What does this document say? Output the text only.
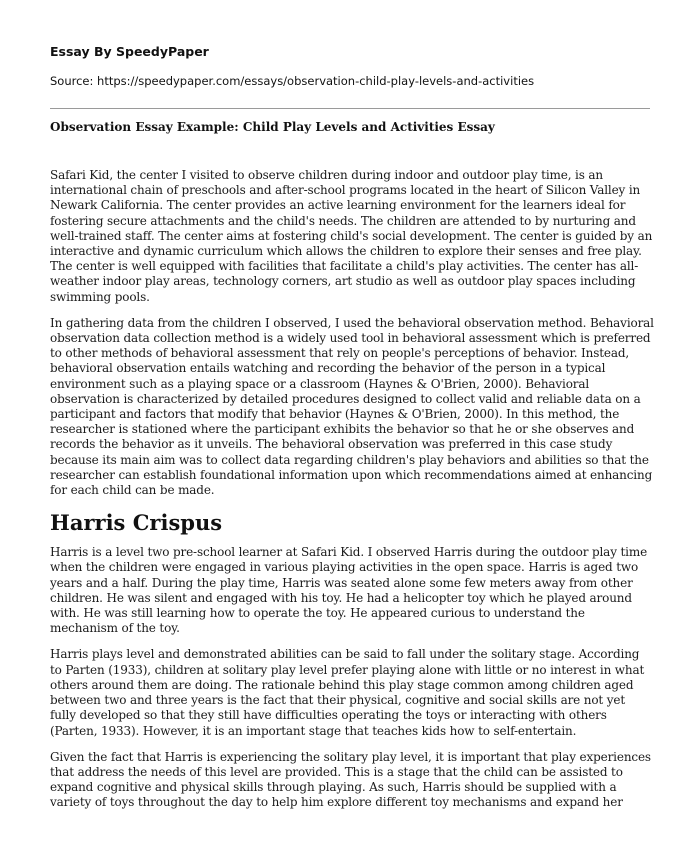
Essay By SpeedyPaper
Source: https://speedypaper.com/essays/observation-child-play-levels-and-activities
Observation Essay Example: Child Play Levels and Activities Essay

Safari Kid, the center I visited to observe children during indoor and outdoor play time, is an international chain of preschools and after-school programs located in the heart of Silicon Valley in Newark California. The center provides an active learning environment for the learners ideal for fostering secure attachments and the child's needs. The children are attended to by nurturing and well-trained staff. The center aims at fostering child's social development. The center is guided by an interactive and dynamic curriculum which allows the children to explore their senses and free play. The center is well equipped with facilities that facilitate a child's play activities. The center has all-weather indoor play areas, technology corners, art studio as well as outdoor play spaces including swimming pools.

In gathering data from the children I observed, I used the behavioral observation method. Behavioral observation data collection method is a widely used tool in behavioral assessment which is preferred to other methods of behavioral assessment that rely on people's perceptions of behavior. Instead, behavioral observation entails watching and recording the behavior of the person in a typical environment such as a playing space or a classroom (Haynes & O'Brien, 2000). Behavioral observation is characterized by detailed procedures designed to collect valid and reliable data on a participant and factors that modify that behavior (Haynes & O'Brien, 2000). In this method, the researcher is stationed where the participant exhibits the behavior so that he or she observes and records the behavior as it unveils. The behavioral observation was preferred in this case study because its main aim was to collect data regarding children's play behaviors and abilities so that the researcher can establish foundational information upon which recommendations aimed at enhancing for each child can be made.

Harris Crispus

Harris is a level two pre-school learner at Safari Kid. I observed Harris during the outdoor play time when the children were engaged in various playing activities in the open space. Harris is aged two years and a half. During the play time, Harris was seated alone some few meters away from other children. He was silent and engaged with his toy. He had a helicopter toy which he played around with. He was still learning how to operate the toy. He appeared curious to understand the mechanism of the toy.

Harris plays level and demonstrated abilities can be said to fall under the solitary stage. According to Parten (1933), children at solitary play level prefer playing alone with little or no interest in what others around them are doing. The rationale behind this play stage common among children aged between two and three years is the fact that their physical, cognitive and social skills are not yet fully developed so that they still have difficulties operating the toys or interacting with others (Parten, 1933). However, it is an important stage that teaches kids how to self-entertain.

Given the fact that Harris is experiencing the solitary play level, it is important that play experiences that address the needs of this level are provided. This is a stage that the child can be assisted to expand cognitive and physical skills through playing. As such, Harris should be supplied with a variety of toys throughout the day to help him explore different toy mechanisms and expand her
